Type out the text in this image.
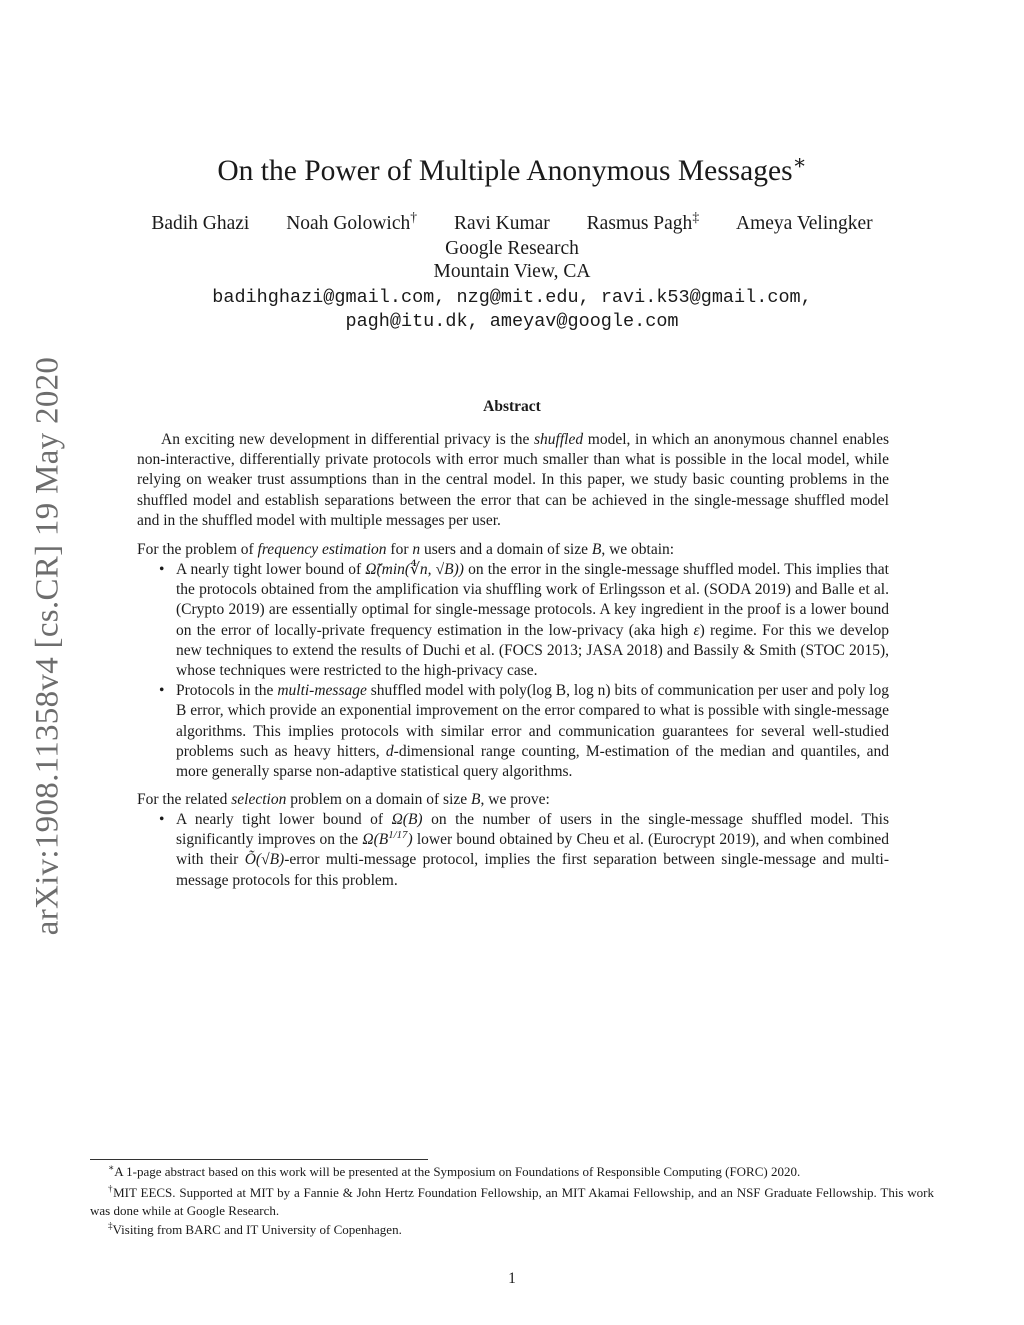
arXiv:1908.11358v4 [cs.CR] 19 May 2020
On the Power of Multiple Anonymous Messages∗
Badih Ghazi Noah Golowich† Ravi Kumar Rasmus Pagh‡ Ameya Velingker
Google Research
Mountain View, CA
badihghazi@gmail.com, nzg@mit.edu, ravi.k53@gmail.com,
pagh@itu.dk, ameyav@google.com
Abstract
An exciting new development in differential privacy is the shuffled model, in which an anonymous channel enables non-interactive, differentially private protocols with error much smaller than what is possible in the local model, while relying on weaker trust assumptions than in the central model. In this paper, we study basic counting problems in the shuffled model and establish separations between the error that can be achieved in the single-message shuffled model and in the shuffled model with multiple messages per user.
For the problem of frequency estimation for n users and a domain of size B, we obtain:
• A nearly tight lower bound of Ω̃(min(∜n, √B)) on the error in the single-message shuffled model. This implies that the protocols obtained from the amplification via shuffling work of Erlingsson et al. (SODA 2019) and Balle et al. (Crypto 2019) are essentially optimal for single-message protocols. A key ingredient in the proof is a lower bound on the error of locally-private frequency estimation in the low-privacy (aka high ε) regime. For this we develop new techniques to extend the results of Duchi et al. (FOCS 2013; JASA 2018) and Bassily & Smith (STOC 2015), whose techniques were restricted to the high-privacy case.
• Protocols in the multi-message shuffled model with poly(log B, log n) bits of communication per user and poly log B error, which provide an exponential improvement on the error compared to what is possible with single-message algorithms. This implies protocols with similar error and communication guarantees for several well-studied problems such as heavy hitters, d-dimensional range counting, M-estimation of the median and quantiles, and more generally sparse non-adaptive statistical query algorithms.
For the related selection problem on a domain of size B, we prove:
• A nearly tight lower bound of Ω(B) on the number of users in the single-message shuffled model. This significantly improves on the $\Omega(B^{1/17})$ lower bound obtained by Cheu et al. (Eurocrypt 2019), and when combined with their Õ(√B)-error multi-message protocol, implies the first separation between single-message and multi-message protocols for this problem.
∗A 1-page abstract based on this work will be presented at the Symposium on Foundations of Responsible Computing (FORC) 2020.
†MIT EECS. Supported at MIT by a Fannie & John Hertz Foundation Fellowship, an MIT Akamai Fellowship, and an NSF Graduate Fellowship. This work was done while at Google Research.
‡Visiting from BARC and IT University of Copenhagen.
1
